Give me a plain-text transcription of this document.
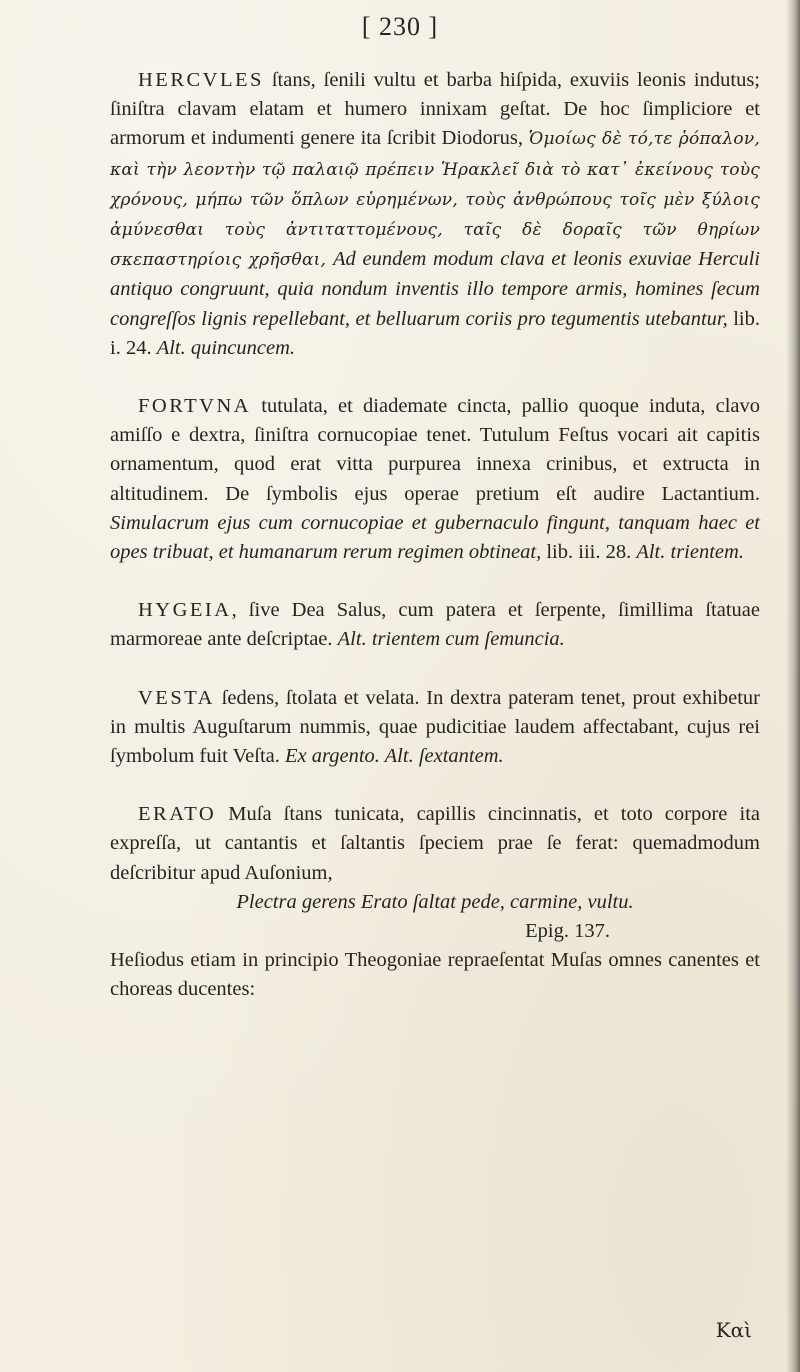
[ 230 ]

HERCVLES ſtans, ſenili vultu et barba hiſpida, exuviis leonis indutus; ſiniſtra clavam elatam et humero innixam geſtat. De hoc ſimpliciore et armorum et indumenti genere ita ſcribit Diodorus, Ὁμοίως δὲ τό,τε ῥόπαλον, καὶ τὴν λεοντὴν τῷ παλαιῷ πρέπειν Ἡρακλεῖ διὰ τὸ κατ᾽ ἐκείνους τοὺς χρόνους, μήπω τῶν ὅπλων εὑρημένων, τοὺς ἀνθρώπους τοῖς μὲν ξύλοις ἀμύνεσθαι τοὺς ἀντιταττομένους, ταῖς δὲ δοραῖς τῶν θηρίων σκεπαστηρίοις χρῆσθαι, Ad eundem modum clava et leonis exuviae Herculi antiquo congruunt, quia nondum inventis illo tempore armis, homines ſecum congreſſos lignis repellebant, et belluarum coriis pro tegumentis utebantur, lib. i. 24. Alt. quincuncem.

FORTVNA tutulata, et diademate cincta, pallio quoque induta, clavo amiſſo e dextra, ſiniſtra cornucopiae tenet. Tutulum Feſtus vocari ait capitis ornamentum, quod erat vitta purpurea innexa crinibus, et extructa in altitudinem. De ſymbolis ejus operae pretium eſt audire Lactantium. Simulacrum ejus cum cornucopiae et gubernaculo fingunt, tanquam haec et opes tribuat, et humanarum rerum regimen obtineat, lib. iii. 28. Alt. trientem.

HYGEIA, ſive Dea Salus, cum patera et ſerpente, ſimillima ſtatuae marmoreae ante deſcriptae. Alt. trientem cum ſemuncia.

VESTA ſedens, ſtolata et velata. In dextra pateram tenet, prout exhibetur in multis Auguſtarum nummis, quae pudicitiae laudem affectabant, cujus rei ſymbolum fuit Veſta. Ex argento. Alt. ſextantem.

ERATO Muſa ſtans tunicata, capillis cincinnatis, et toto corpore ita expreſſa, ut cantantis et ſaltantis ſpeciem prae ſe ferat: quemadmodum deſcribitur apud Auſonium,
Plectra gerens Erato ſaltat pede, carmine, vultu.
Epig. 137.
Heſiodus etiam in principio Theogoniae repraeſentat Muſas omnes canentes et choreas ducentes:

Καὶ
